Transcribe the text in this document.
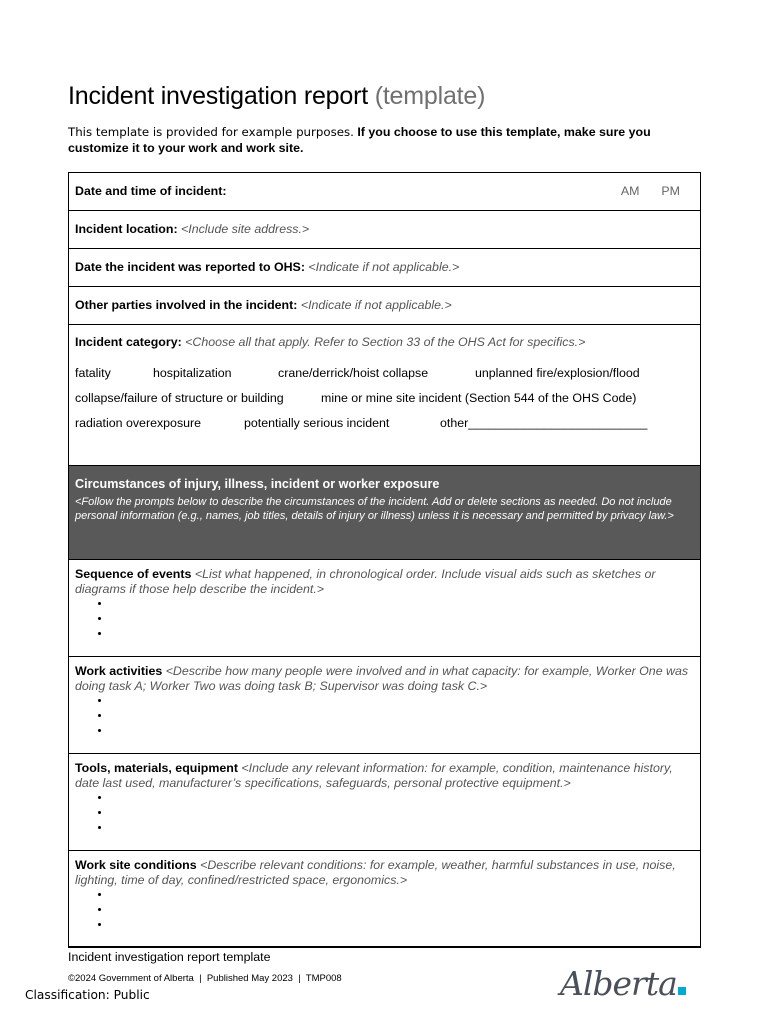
Incident investigation report (template)
This template is provided for example purposes. If you choose to use this template, make sure you customize it to your work and work site.
Date and time of incident:	AM PM

Incident location: <Include site address.>
Date the incident was reported to OHS: <Indicate if not applicable.>
Other parties involved in the incident: <Indicate if not applicable.>

Incident category: <Choose all that apply. Refer to Section 33 of the OHS Act for specifics.>
fatality	hospitalization	crane/derrick/hoist collapse	unplanned fire/explosion/flood
collapse/failure of structure or building	mine or mine site incident (Section 544 of the OHS Code)
radiation overexposure	potentially serious incident	other__________________________

Circumstances of injury, illness, incident or worker exposure
<Follow the prompts below to describe the circumstances of the incident. Add or delete sections as needed. Do not include personal information (e.g., names, job titles, details of injury or illness) unless it is necessary and permitted by privacy law.>

Sequence of events <List what happened, in chronological order. Include visual aids such as sketches or diagrams if those help describe the incident.>
•
•
•

Work activities <Describe how many people were involved and in what capacity: for example, Worker One was doing task A; Worker Two was doing task B; Supervisor was doing task C.>
•
•
•

Tools, materials, equipment <Include any relevant information: for example, condition, maintenance history, date last used, manufacturer’s specifications, safeguards, personal protective equipment.>
•
•
•

Work site conditions <Describe relevant conditions: for example, weather, harmful substances in use, noise, lighting, time of day, confined/restricted space, ergonomics.>
•
•
•
Incident investigation report template
©2024 Government of Alberta  |  Published May 2023  |  TMP008
Classification: Public	Alberta
